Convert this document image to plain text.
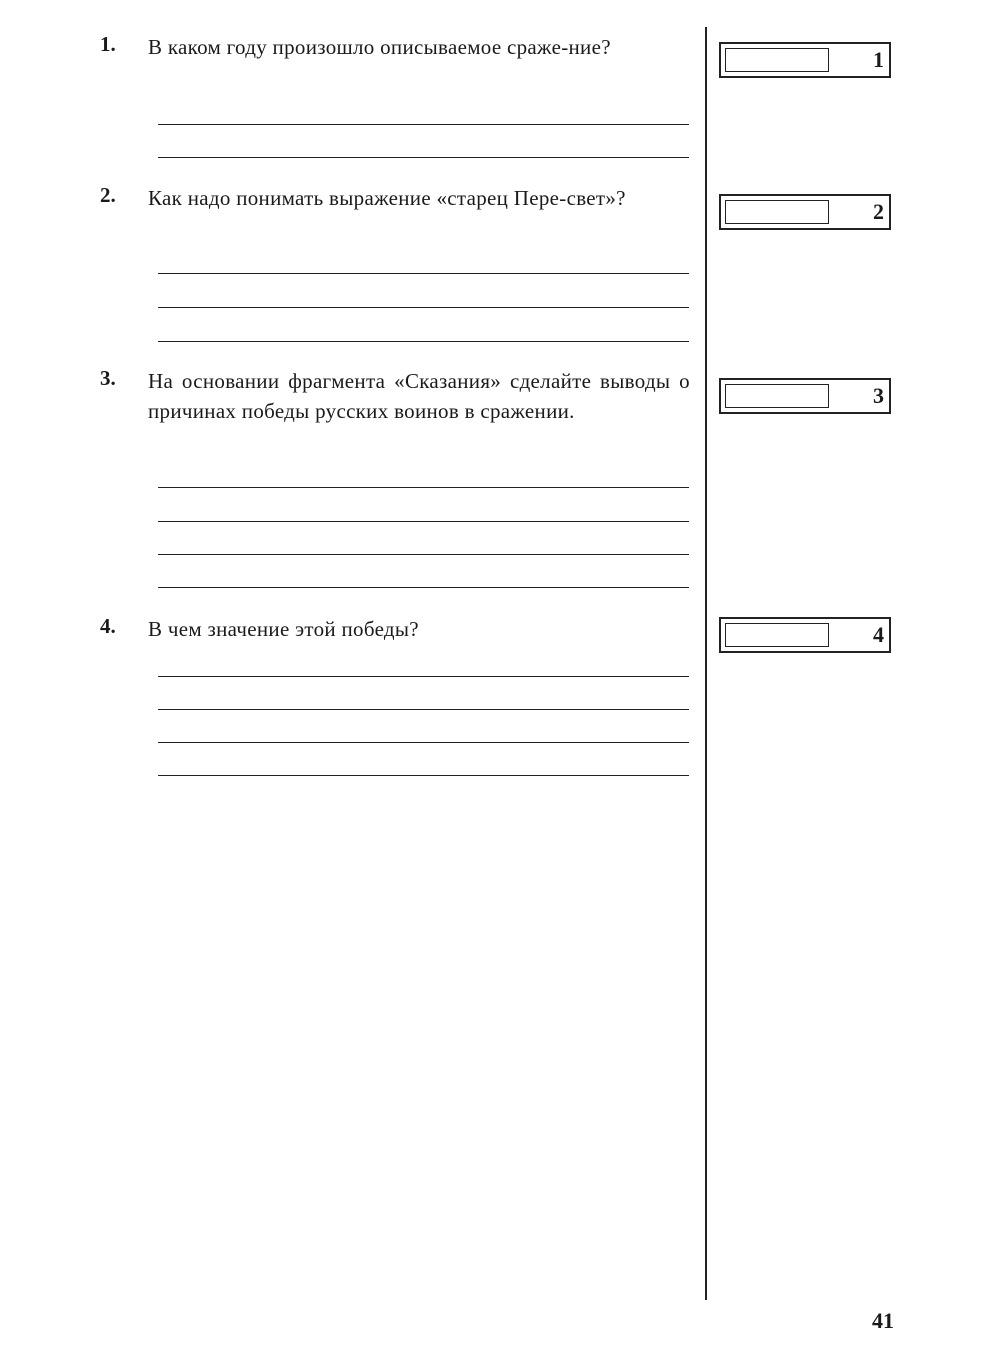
1. В каком году произошло описываемое сраже-ние?
2. Как надо понимать выражение «старец Пере-свет»?
3. На основании фрагмента «Сказания» сделайте выводы о причинах победы русских воинов в сражении.
4. В чем значение этой победы?
1
2
3
4
41
